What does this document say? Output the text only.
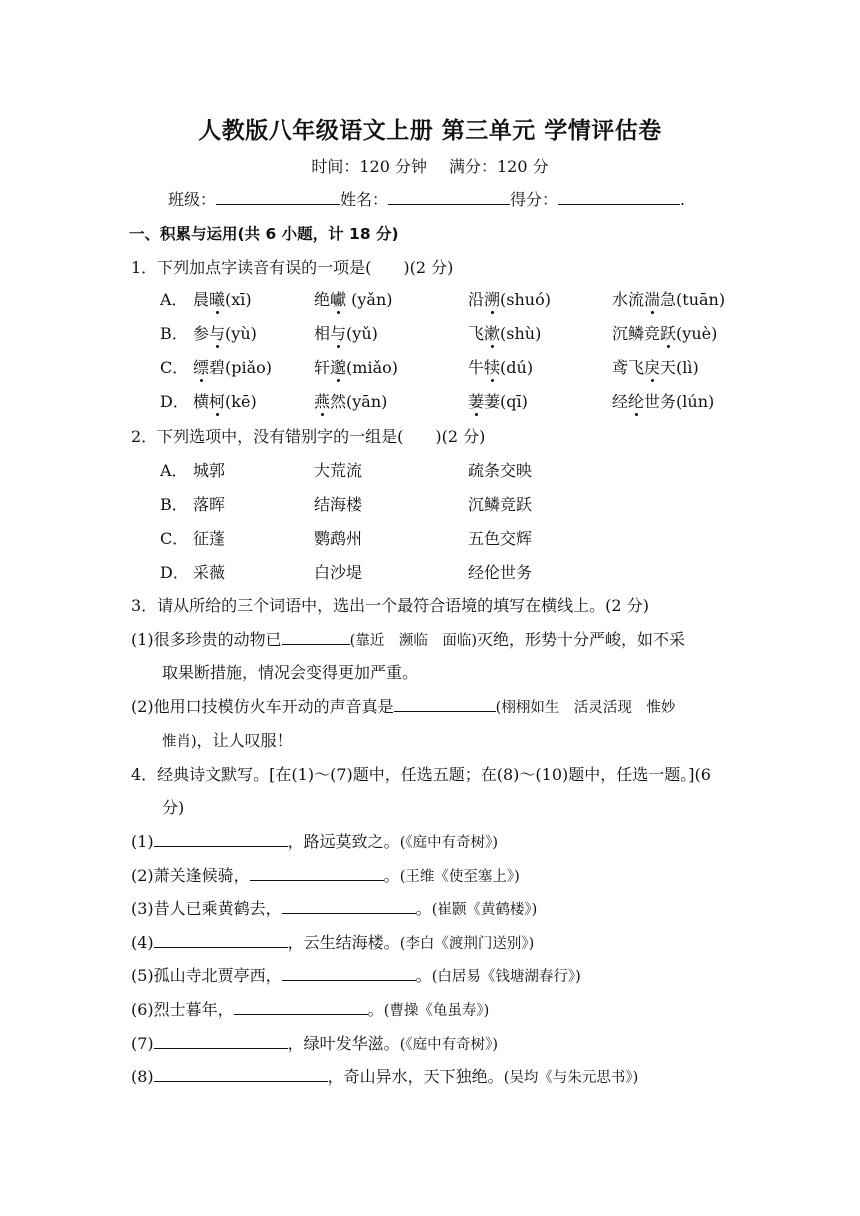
人教版八年级语文上册 第三单元 学情评估卷
时间：120 分钟 满分：120 分
班级：	姓名：	得分：	.
一、积累与运用(共 6 小题，计 18 分)
1．下列加点字读音有误的一项是(　　)(2 分)
A． 晨曦(xī)	绝巘 (yǎn)	沿溯(shuó)	水流湍急(tuān)
B． 参与(yù)	相与(yǔ)	飞漱(shù)	沉鳞竞跃(yuè)
C． 缥碧(piǎo)	轩邈(miǎo)	牛犊(dú)	鸢飞戾天(lì)
D． 横柯(kē)	燕然(yān)	萋萋(qī)	经纶世务(lún)
2．下列选项中，没有错别字的一组是(　　)(2 分)
A． 城郭	大荒流	疏条交映
B． 落晖	结海楼	沉鳞竞跃
C． 征蓬	鹦鹉州	五色交辉
D． 采薇	白沙堤	经伦世务
3．请从所给的三个词语中，选出一个最符合语境的填写在横线上。(2 分)
(1)很多珍贵的动物已	(靠近　濒临　面临)灭绝，形势十分严峻，如不采
取果断措施，情况会变得更加严重。
(2)他用口技模仿火车开动的声音真是	(栩栩如生　活灵活现　惟妙
惟肖)，让人叹服！
4．经典诗文默写。[在(1)～(7)题中，任选五题；在(8)～(10)题中，任选一题。](6
分)
(1)	，路远莫致之。(《庭中有奇树》)
(2)萧关逢候骑，	。(王维《使至塞上》)
(3)昔人已乘黄鹤去，	。(崔颢《黄鹤楼》)
(4)	，云生结海楼。(李白《渡荆门送别》)
(5)孤山寺北贾亭西，	。(白居易《钱塘湖春行》)
(6)烈士暮年，	。(曹操《龟虽寿》)
(7)	，绿叶发华滋。(《庭中有奇树》)
(8)	，奇山异水，天下独绝。(吴均《与朱元思书》)
